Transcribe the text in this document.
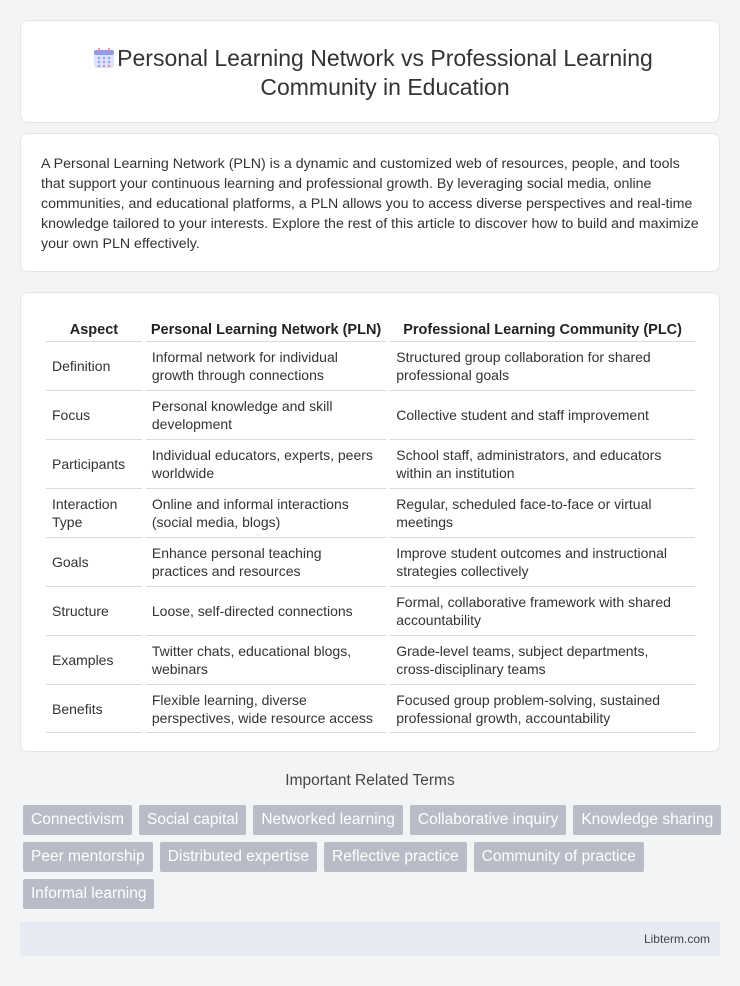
Personal Learning Network vs Professional Learning Community in Education

A Personal Learning Network (PLN) is a dynamic and customized web of resources, people, and tools that support your continuous learning and professional growth. By leveraging social media, online communities, and educational platforms, a PLN allows you to access diverse perspectives and real-time knowledge tailored to your interests. Explore the rest of this article to discover how to build and maximize your own PLN effectively.

Aspect	Personal Learning Network (PLN)	Professional Learning Community (PLC)
Definition	Informal network for individual growth through connections	Structured group collaboration for shared professional goals
Focus	Personal knowledge and skill development	Collective student and staff improvement
Participants	Individual educators, experts, peers worldwide	School staff, administrators, and educators within an institution
Interaction Type	Online and informal interactions (social media, blogs)	Regular, scheduled face-to-face or virtual meetings
Goals	Enhance personal teaching practices and resources	Improve student outcomes and instructional strategies collectively
Structure	Loose, self-directed connections	Formal, collaborative framework with shared accountability
Examples	Twitter chats, educational blogs, webinars	Grade-level teams, subject departments, cross-disciplinary teams
Benefits	Flexible learning, diverse perspectives, wide resource access	Focused group problem-solving, sustained professional growth, accountability
Important Related Terms
Connectivism	Social capital	Networked learning	Collaborative inquiry	Knowledge sharing
Peer mentorship	Distributed expertise	Reflective practice	Community of practice
Informal learning
Libterm.com
